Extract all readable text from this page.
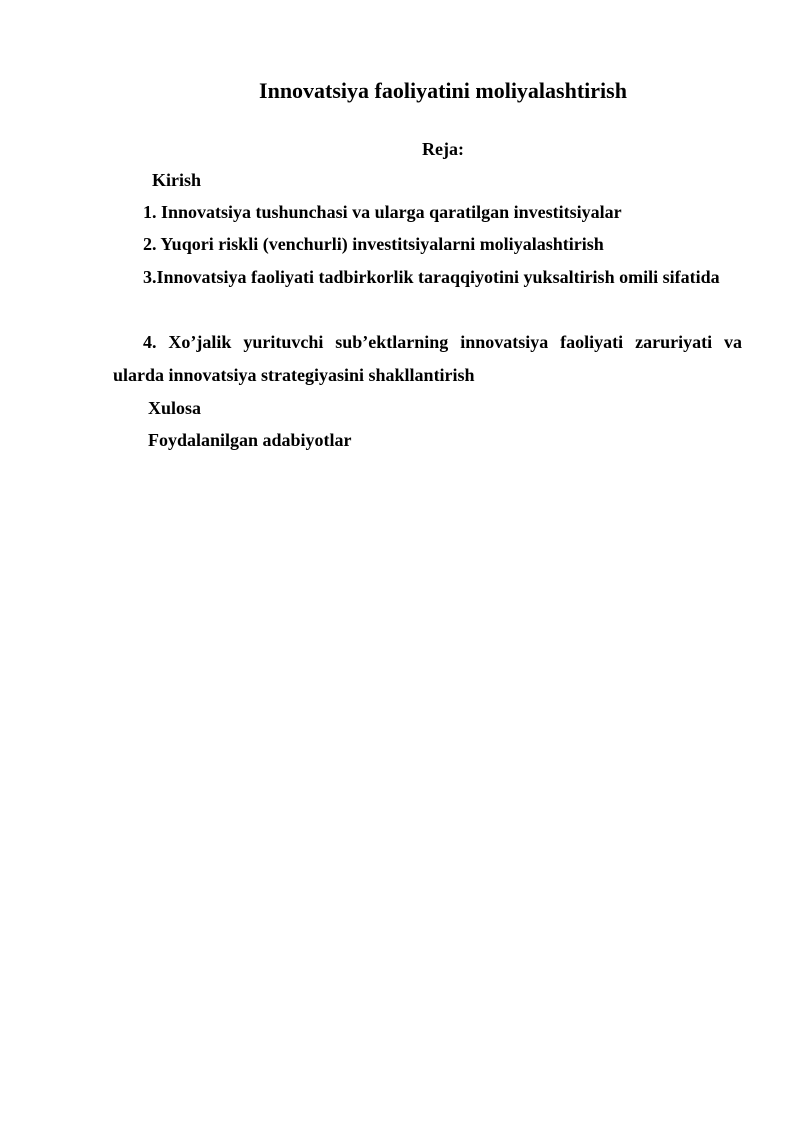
Innovatsiya faoliyatini moliyalashtirish
Reja:
Kirish
1. Innovatsiya tushunchasi va ularga qaratilgan investitsiyalar
2. Yuqori riskli (venchurli) investitsiyalarni moliyalashtirish
3.Innovatsiya faoliyati tadbirkorlik taraqqiyotini yuksaltirish omili sifatida
4. Xo’jalik yurituvchi sub’ektlarning innovatsiya faoliyati zaruriyati va ularda innovatsiya strategiyasini shakllantirish
Xulosa
Foydalanilgan adabiyotlar
